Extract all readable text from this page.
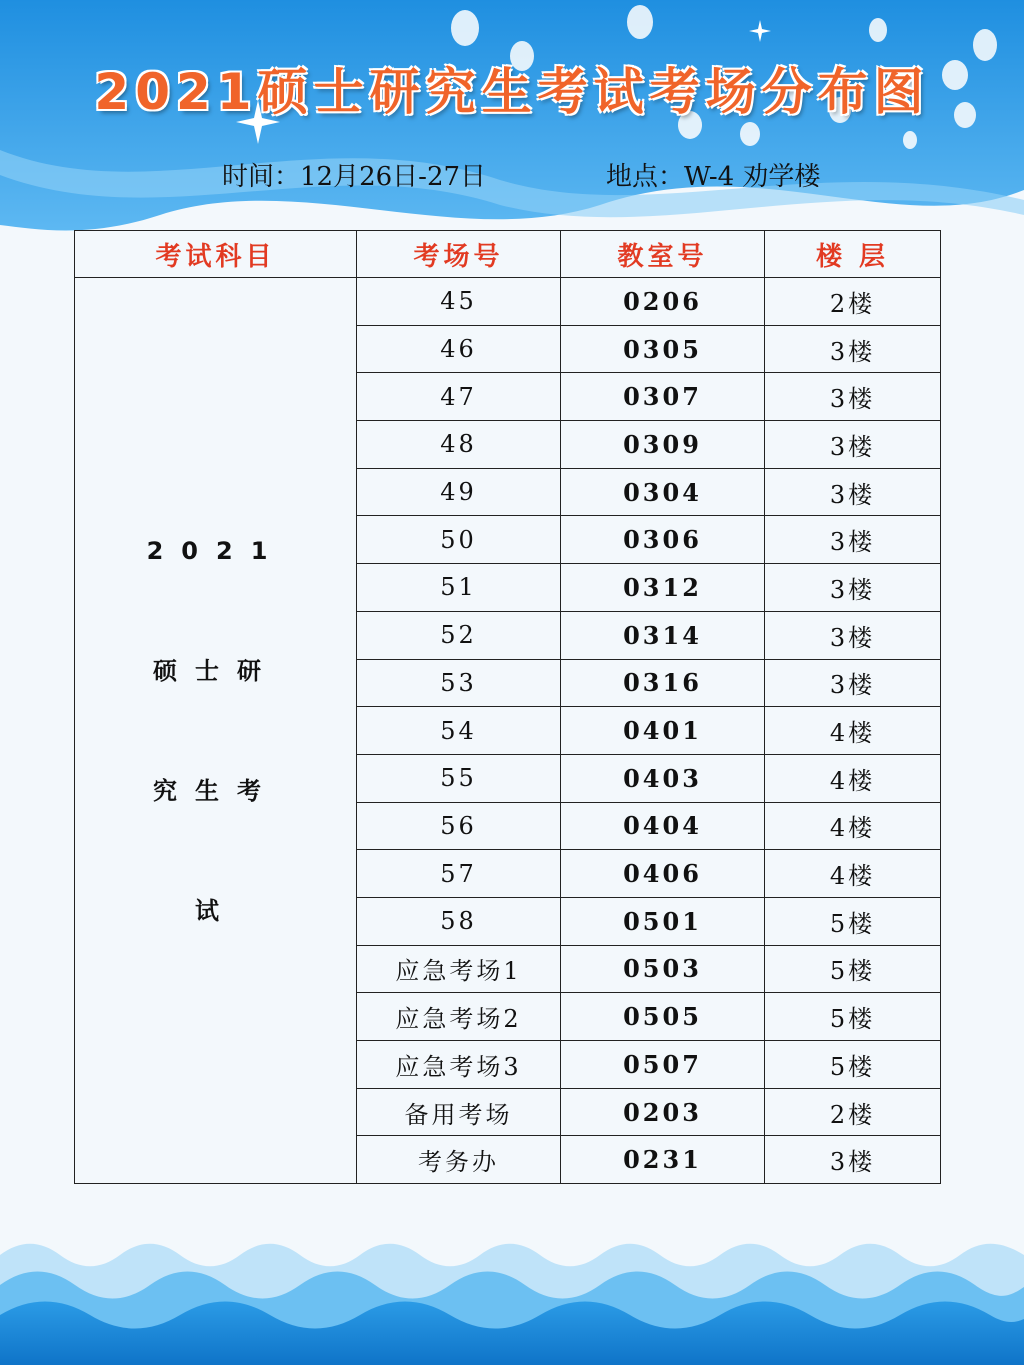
2021硕士研究生考试考场分布图
时间：12月26日-27日	地点：W-4 劝学楼
考试科目	考场号	教室号	楼 层

2021硕士研究生考试	45	0206	2楼
	46	0305	3楼
	47	0307	3楼
	48	0309	3楼
	49	0304	3楼
	50	0306	3楼
	51	0312	3楼
	52	0314	3楼
	53	0316	3楼
	54	0401	4楼
	55	0403	4楼
	56	0404	4楼
	57	0406	4楼
	58	0501	5楼
	应急考场1	0503	5楼
	应急考场2	0505	5楼
	应急考场3	0507	5楼
	备用考场	0203	2楼
	考务办	0231	3楼
